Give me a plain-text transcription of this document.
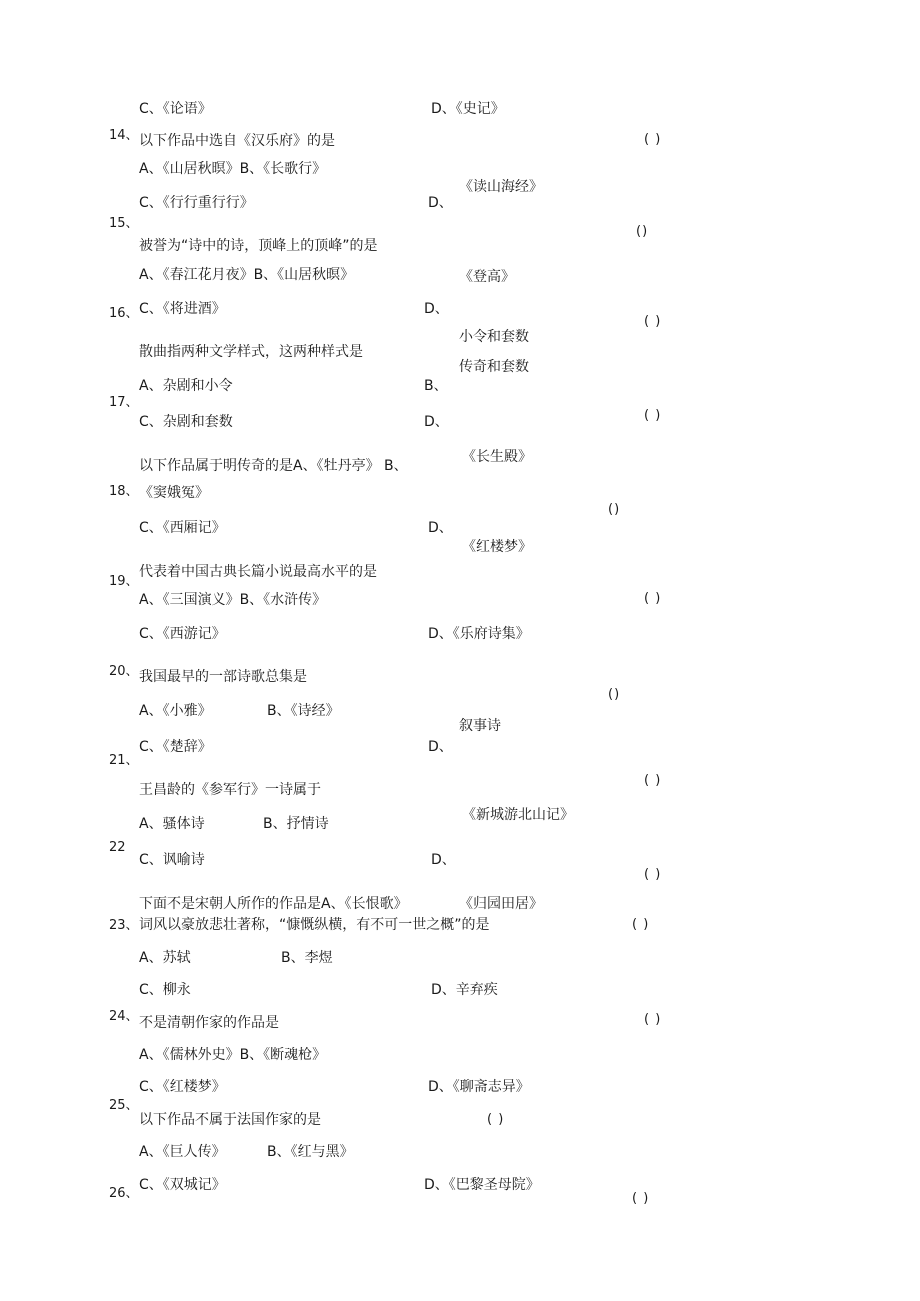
C、《论语》	D、《史记》
14、 以下作品中选自《汉乐府》的是	( )
A、《山居秋暝》B、《长歌行》
《读山海经》
C、《行行重行行》	D、
15、
()
被誉为“诗中的诗，顶峰上的顶峰”的是
A、《春江花月夜》B、《山居秋暝》	《登高》
16、 C、《将进酒》	D、
( )
小令和套数
散曲指两种文学样式，这两种样式是
传奇和套数
A、杂剧和小令	B、
17、
( )
C、杂剧和套数	D、
《长生殿》
以下作品属于明传奇的是A、《牡丹亭》 B、
18、 《窦娥冤》
()
C、《西厢记》	D、
《红楼梦》
代表着中国古典长篇小说最高水平的是
19、
A、《三国演义》B、《水浒传》	( )
C、《西游记》	D、《乐府诗集》
20、 我国最早的一部诗歌总集是
()
A、《小雅》	B、《诗经》
叙事诗
C、《楚辞》	D、
21、
( )
王昌龄的《参军行》一诗属于
《新城游北山记》
A、骚体诗	B、抒情诗
22
C、讽喻诗	D、
( )
下面不是宋朝人所作的作品是A、《长恨歌》	《归园田居》
23、 词风以豪放悲壮著称，“慷慨纵横，有不可一世之概”的是	( )
A、苏轼	B、李煜
C、柳永	D、辛弃疾
24、 不是清朝作家的作品是	( )
A、《儒林外史》B、《断魂枪》
C、《红楼梦》	D、《聊斋志异》
25、
以下作品不属于法国作家的是	( )
A、《巨人传》	B、《红与黑》
C、《双城记》	D、《巴黎圣母院》
26、	( )
